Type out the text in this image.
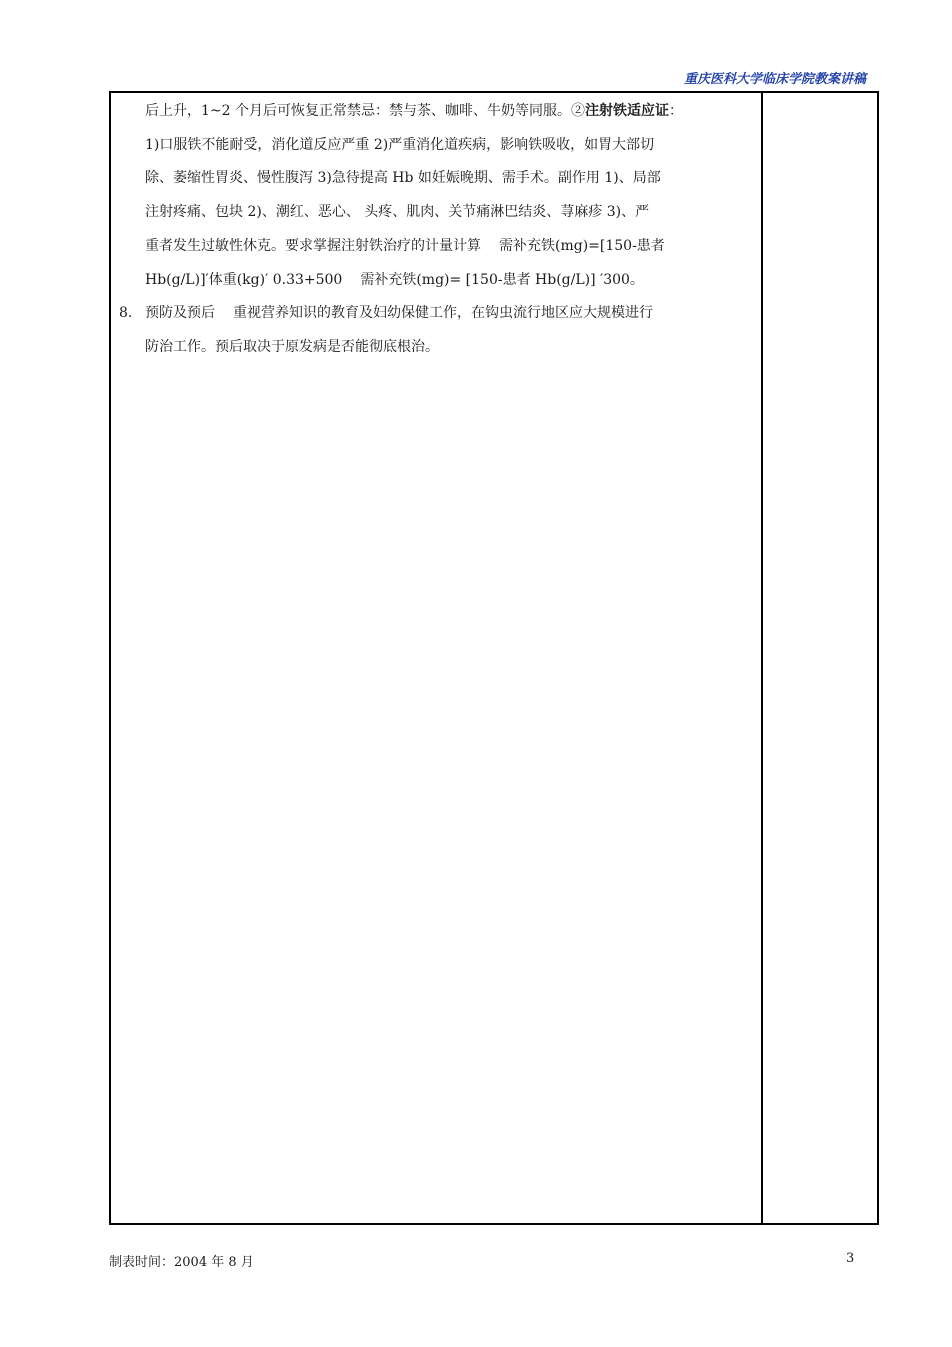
重庆医科大学临床学院教案讲稿
后上升，1~2 个月后可恢复正常禁忌：禁与茶、咖啡、牛奶等同服。②注射铁适应证：
1)口服铁不能耐受，消化道反应严重 2)严重消化道疾病，影响铁吸收，如胃大部切
除、萎缩性胃炎、慢性腹泻 3)急待提高 Hb 如妊娠晚期、需手术。副作用 1)、局部
注射疼痛、包块 2)、潮红、恶心、 头疼、肌肉、关节痛淋巴结炎、荨麻疹 3)、严
重者发生过敏性休克。要求掌握注射铁治疗的计量计算 需补充铁(mg)=[150-患者
Hb(g/L)]′体重(kg)′ 0.33+500 需补充铁(mg)= [150-患者 Hb(g/L)] ′300。
8. 预防及预后 重视营养知识的教育及妇幼保健工作，在钩虫流行地区应大规模进行
防治工作。预后取决于原发病是否能彻底根治。
制表时间：2004 年 8 月	3
